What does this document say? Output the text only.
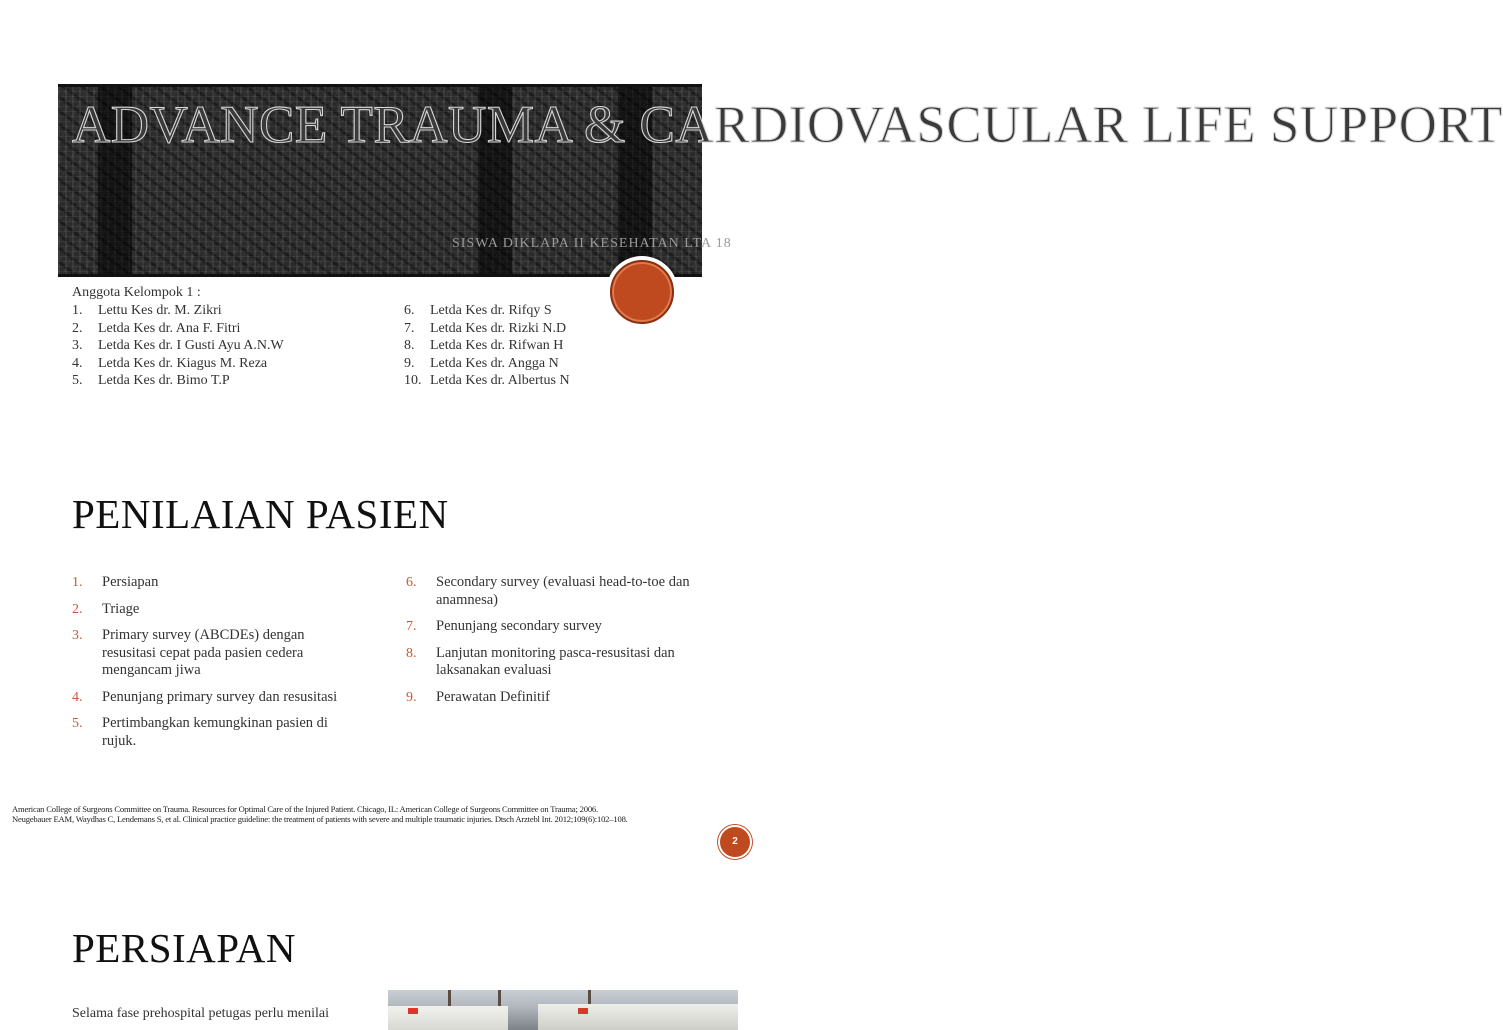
ADVANCE TRAUMA & CARDIOVASCULAR LIFE SUPPORT
SISWA DIKLAPA II KESEHATAN LTA 18
Anggota Kelompok 1 :
1. Lettu Kes dr. M. Zikri
2. Letda Kes dr. Ana F. Fitri
3. Letda Kes dr. I Gusti Ayu A.N.W
4. Letda Kes dr. Kiagus M. Reza
5. Letda Kes dr. Bimo T.P
6. Letda Kes dr. Rifqy S
7. Letda Kes dr. Rizki N.D
8. Letda Kes dr. Rifwan H
9. Letda Kes dr. Angga N
10. Letda Kes dr. Albertus N
PENILAIAN PASIEN
1. Persiapan
2. Triage
3. Primary survey (ABCDEs) dengan resusitasi cepat pada pasien cedera mengancam jiwa
4. Penunjang primary survey dan resusitasi
5. Pertimbangkan kemungkinan pasien di rujuk.
6. Secondary survey (evaluasi head-to-toe dan anamnesa)
7. Penunjang secondary survey
8. Lanjutan monitoring pasca-resusitasi dan laksanakan evaluasi
9. Perawatan Definitif
American College of Surgeons Committee on Trauma. Resources for Optimal Care of the Injured Patient. Chicago, IL: American College of Surgeons Committee on Trauma; 2006.
Neugebauer EAM, Waydhas C, Lendemans S, et al. Clinical practice guideline: the treatment of patients with severe and multiple traumatic injuries. Dtsch Arztebl Int. 2012;109(6):102–108.
2
PERSIAPAN
Selama fase prehospital petugas perlu menilai
